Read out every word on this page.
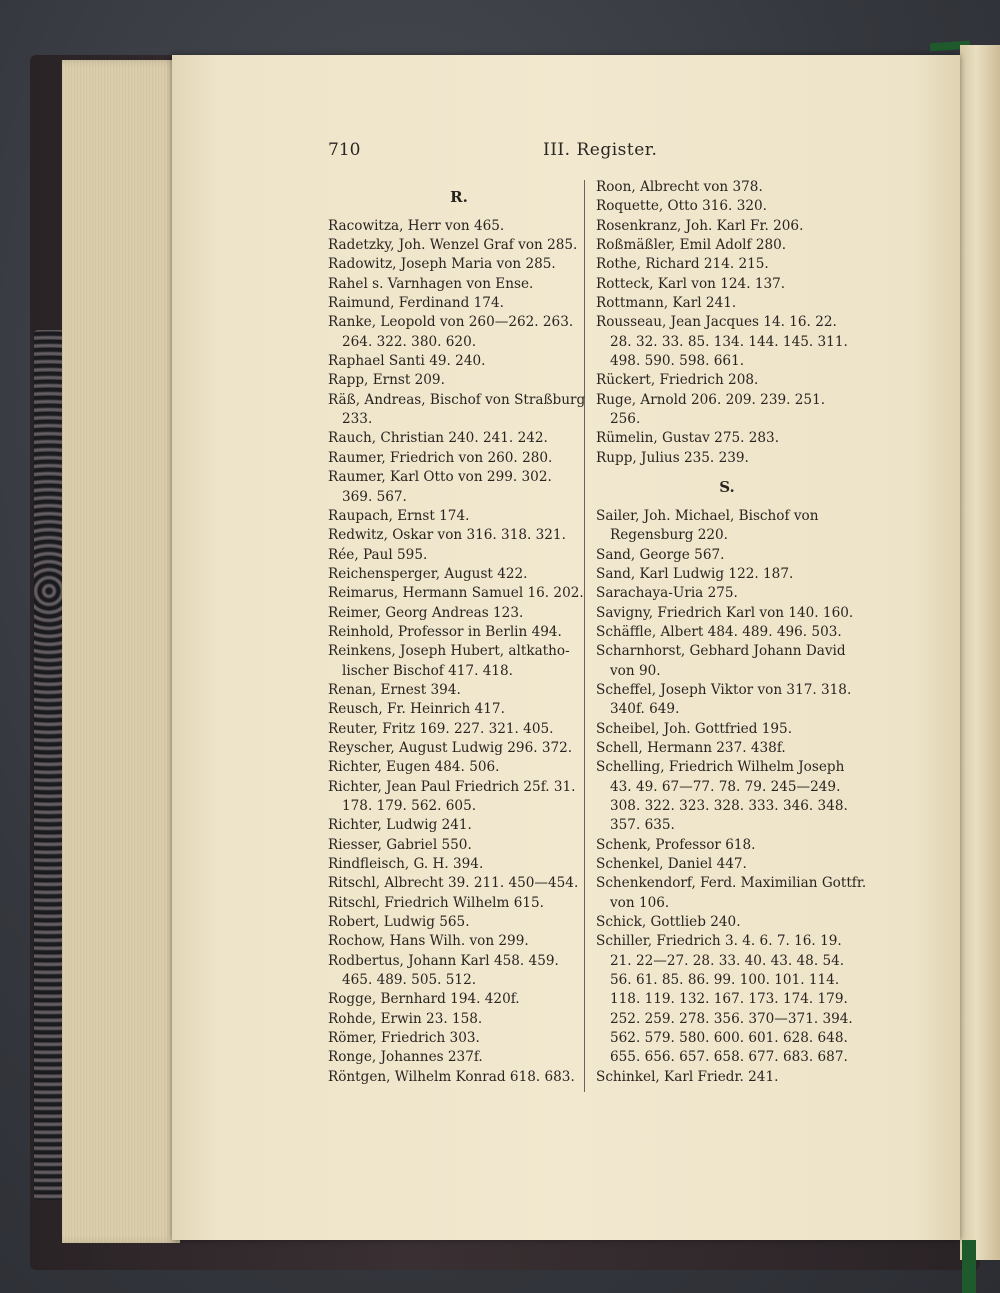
710	III. Register.
R.
Racowitza, Herr von 465.
Radetzky, Joh. Wenzel Graf von 285.
Radowitz, Joseph Maria von 285.
Rahel s. Varnhagen von Ense.
Raimund, Ferdinand 174.
Ranke, Leopold von 260—262. 263.
264. 322. 380. 620.
Raphael Santi 49. 240.
Rapp, Ernst 209.
Räß, Andreas, Bischof von Straßburg
233.
Rauch, Christian 240. 241. 242.
Raumer, Friedrich von 260. 280.
Raumer, Karl Otto von 299. 302.
369. 567.
Raupach, Ernst 174.
Redwitz, Oskar von 316. 318. 321.
Rée, Paul 595.
Reichensperger, August 422.
Reimarus, Hermann Samuel 16. 202.
Reimer, Georg Andreas 123.
Reinhold, Professor in Berlin 494.
Reinkens, Joseph Hubert, altkatho-
lischer Bischof 417. 418.
Renan, Ernest 394.
Reusch, Fr. Heinrich 417.
Reuter, Fritz 169. 227. 321. 405.
Reyscher, August Ludwig 296. 372.
Richter, Eugen 484. 506.
Richter, Jean Paul Friedrich 25f. 31.
178. 179. 562. 605.
Richter, Ludwig 241.
Riesser, Gabriel 550.
Rindfleisch, G. H. 394.
Ritschl, Albrecht 39. 211. 450—454.
Ritschl, Friedrich Wilhelm 615.
Robert, Ludwig 565.
Rochow, Hans Wilh. von 299.
Rodbertus, Johann Karl 458. 459.
465. 489. 505. 512.
Rogge, Bernhard 194. 420f.
Rohde, Erwin 23. 158.
Römer, Friedrich 303.
Ronge, Johannes 237f.
Röntgen, Wilhelm Konrad 618. 683.
Roon, Albrecht von 378.
Roquette, Otto 316. 320.
Rosenkranz, Joh. Karl Fr. 206.
Roßmäßler, Emil Adolf 280.
Rothe, Richard 214. 215.
Rotteck, Karl von 124. 137.
Rottmann, Karl 241.
Rousseau, Jean Jacques 14. 16. 22.
28. 32. 33. 85. 134. 144. 145. 311.
498. 590. 598. 661.
Rückert, Friedrich 208.
Ruge, Arnold 206. 209. 239. 251.
256.
Rümelin, Gustav 275. 283.
Rupp, Julius 235. 239.
S.
Sailer, Joh. Michael, Bischof von
Regensburg 220.
Sand, George 567.
Sand, Karl Ludwig 122. 187.
Sarachaya-Uria 275.
Savigny, Friedrich Karl von 140. 160.
Schäffle, Albert 484. 489. 496. 503.
Scharnhorst, Gebhard Johann David
von 90.
Scheffel, Joseph Viktor von 317. 318.
340f. 649.
Scheibel, Joh. Gottfried 195.
Schell, Hermann 237. 438f.
Schelling, Friedrich Wilhelm Joseph
43. 49. 67—77. 78. 79. 245—249.
308. 322. 323. 328. 333. 346. 348.
357. 635.
Schenk, Professor 618.
Schenkel, Daniel 447.
Schenkendorf, Ferd. Maximilian Gottfr.
von 106.
Schick, Gottlieb 240.
Schiller, Friedrich 3. 4. 6. 7. 16. 19.
21. 22—27. 28. 33. 40. 43. 48. 54.
56. 61. 85. 86. 99. 100. 101. 114.
118. 119. 132. 167. 173. 174. 179.
252. 259. 278. 356. 370—371. 394.
562. 579. 580. 600. 601. 628. 648.
655. 656. 657. 658. 677. 683. 687.
Schinkel, Karl Friedr. 241.
